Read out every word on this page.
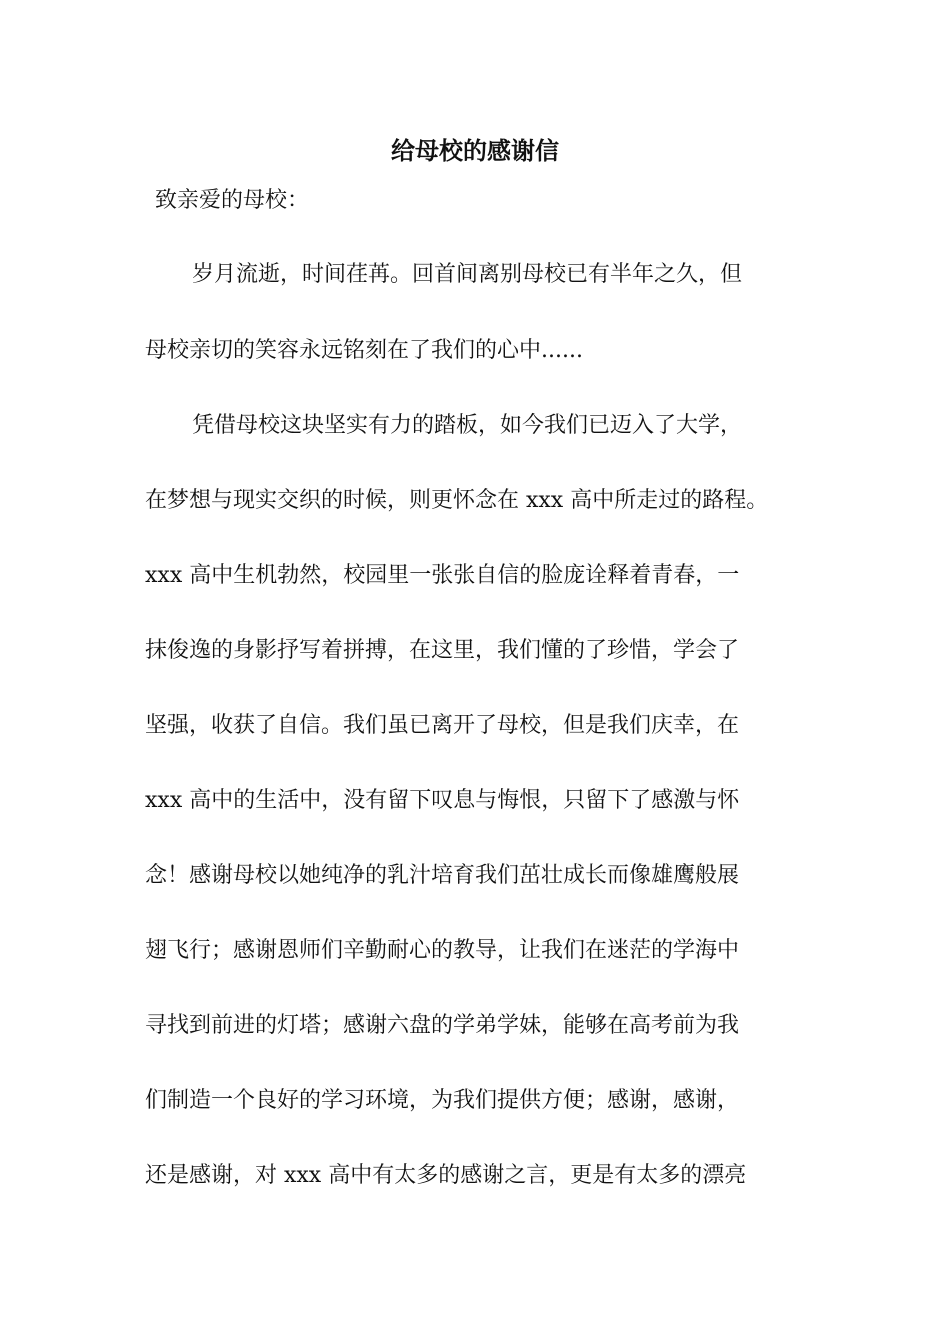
给母校的感谢信

致亲爱的母校：

岁月流逝，时间荏苒。回首间离别母校已有半年之久，但

母校亲切的笑容永远铭刻在了我们的心中......

凭借母校这块坚实有力的踏板，如今我们已迈入了大学，

在梦想与现实交织的时候，则更怀念在 xxx 高中所走过的路程。

xxx 高中生机勃然，校园里一张张自信的脸庞诠释着青春，一

抹俊逸的身影抒写着拼搏，在这里，我们懂的了珍惜，学会了

坚强，收获了自信。我们虽已离开了母校，但是我们庆幸，在

xxx 高中的生活中，没有留下叹息与悔恨，只留下了感激与怀

念！感谢母校以她纯净的乳汁培育我们茁壮成长而像雄鹰般展

翅飞行；感谢恩师们辛勤耐心的教导，让我们在迷茫的学海中

寻找到前进的灯塔；感谢六盘的学弟学妹，能够在高考前为我

们制造一个良好的学习环境，为我们提供方便；感谢，感谢，

还是感谢，对 xxx 高中有太多的感谢之言，更是有太多的漂亮
